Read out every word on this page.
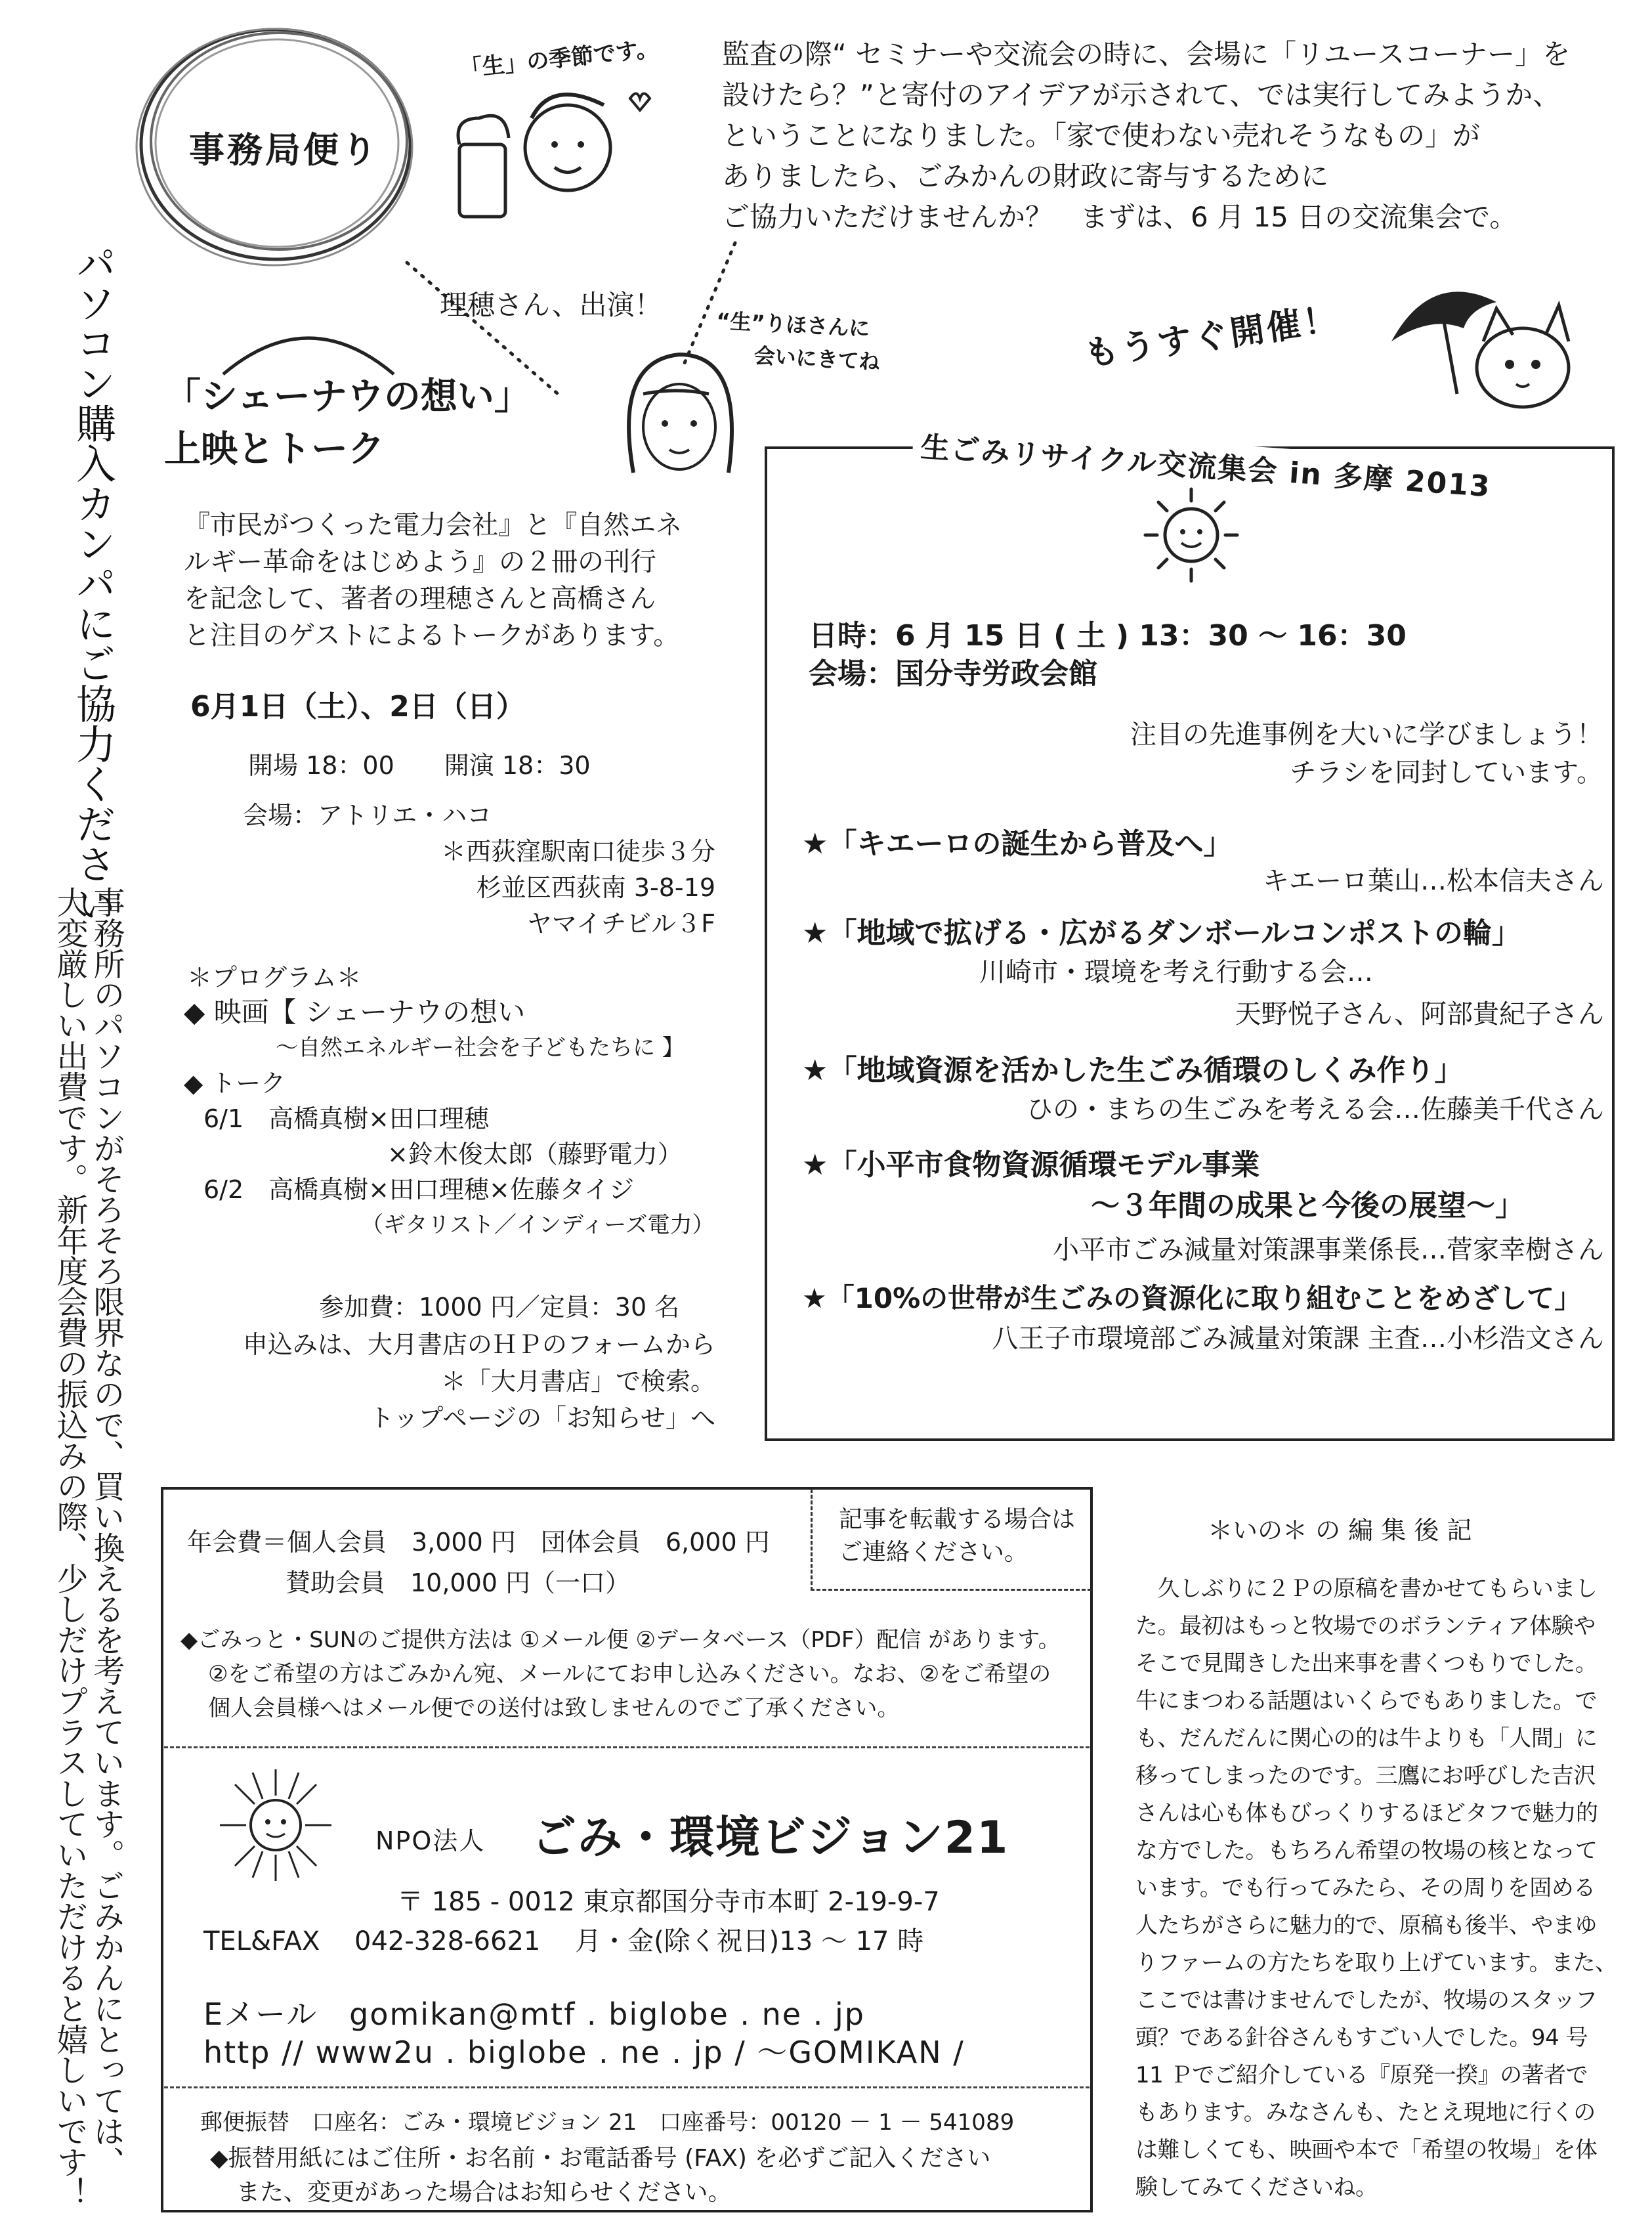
パソコン購入カンパにご協力ください
事務所のパソコンがそろそろ限界なので、買い換えるを考えています。ごみかんにとっては、
大変厳しい出費です。新年度会費の振込みの際、少しだけプラスしていただけると嬉しいです！
事務局便り
「生」の季節です。 監査の際“ セミナーや交流会の時に、会場に「リユースコーナー」を
設けたら？”と寄付のアイデアが示されて、では実行してみようか、
ということになりました。「家で使わない売れそうなもの」が
ありましたら、ごみかんの財政に寄与するために
ご協力いただけませんか？　まずは、6 月 15 日の交流集会で。
理穂さん、出演！
“生”りほさんに
会いにきてね
「シェーナウの想い」
上映とトーク
『市民がつくった電力会社』と『自然エネ
ルギー革命をはじめよう』の２冊の刊行
を記念して、著者の理穂さんと高橋さん
と注目のゲストによるトークがあります。
6月1日（土）、2日（日）
開場 18：00　　開演 18：30
会場：アトリエ・ハコ
＊西荻窪駅南口徒歩３分
杉並区西荻南 3-8-19
ヤマイチビル３F
＊プログラム＊
◆ 映画【 シェーナウの想い
～自然エネルギー社会を子どもたちに 】
◆ トーク
6/1　高橋真樹×田口理穂
×鈴木俊太郎（藤野電力）
6/2　高橋真樹×田口理穂×佐藤タイジ
（ギタリスト／インディーズ電力）
参加費：1000 円／定員：30 名
申込みは、大月書店のＨＰのフォームから
＊「大月書店」で検索。
トップページの「お知らせ」へ
もうすぐ開催！
生ごみリサイクル交流集会 in 多摩 2013
日時：6 月 15 日 ( 土 ) 13：30 ～ 16：30
会場：国分寺労政会館
注目の先進事例を大いに学びましょう！
チラシを同封しています。
★「キエーロの誕生から普及へ」
キエーロ葉山…松本信夫さん
★「地域で拡げる・広がるダンボールコンポストの輪」
川崎市・環境を考え行動する会…
天野悦子さん、阿部貴紀子さん
★「地域資源を活かした生ごみ循環のしくみ作り」
ひの・まちの生ごみを考える会…佐藤美千代さん
★「小平市食物資源循環モデル事業
～３年間の成果と今後の展望～」
小平市ごみ減量対策課事業係長…菅家幸樹さん
★「10%の世帯が生ごみの資源化に取り組むことをめざして」
八王子市環境部ごみ減量対策課 主査…小杉浩文さん
年会費＝個人会員　3,000 円　団体会員　6,000 円
賛助会員　10,000 円（一口）
記事を転載する場合は
ご連絡ください。
◆ごみっと・SUNのご提供方法は ①メール便 ②データベース（PDF）配信 があります。
②をご希望の方はごみかん宛、メールにてお申し込みください。なお、②をご希望の
個人会員様へはメール便での送付は致しませんのでご了承ください。
NPO法人 ごみ・環境ビジョン21
〒 185 - 0012 東京都国分寺市本町 2-19-9-7
TEL&FAX　 042-328-6621　 月・金(除く祝日)13 ～ 17 時
Eメール　gomikan@mtf . biglobe . ne . jp
http // www2u . biglobe . ne . jp / ～GOMIKAN /
郵便振替　口座名：ごみ・環境ビジョン 21　口座番号：00120 － 1 － 541089
◆振替用紙にはご住所・お名前・お電話番号 (FAX) を必ずご記入ください
また、変更があった場合はお知らせください。
＊いの＊ の 編 集 後 記
　久しぶりに２Ｐの原稿を書かせてもらいまし
た。最初はもっと牧場でのボランティア体験や
そこで見聞きした出来事を書くつもりでした。
牛にまつわる話題はいくらでもありました。で
も、だんだんに関心の的は牛よりも「人間」に
移ってしまったのです。三鷹にお呼びした吉沢
さんは心も体もびっくりするほどタフで魅力的
な方でした。もちろん希望の牧場の核となって
います。でも行ってみたら、その周りを固める
人たちがさらに魅力的で、原稿も後半、やまゆ
りファームの方たちを取り上げています。また、
ここでは書けませんでしたが、牧場のスタッフ
頭？である針谷さんもすごい人でした。94 号
11 Ｐでご紹介している『原発一揆』の著者で
もあります。みなさんも、たとえ現地に行くの
は難しくても、映画や本で「希望の牧場」を体
験してみてくださいね。
